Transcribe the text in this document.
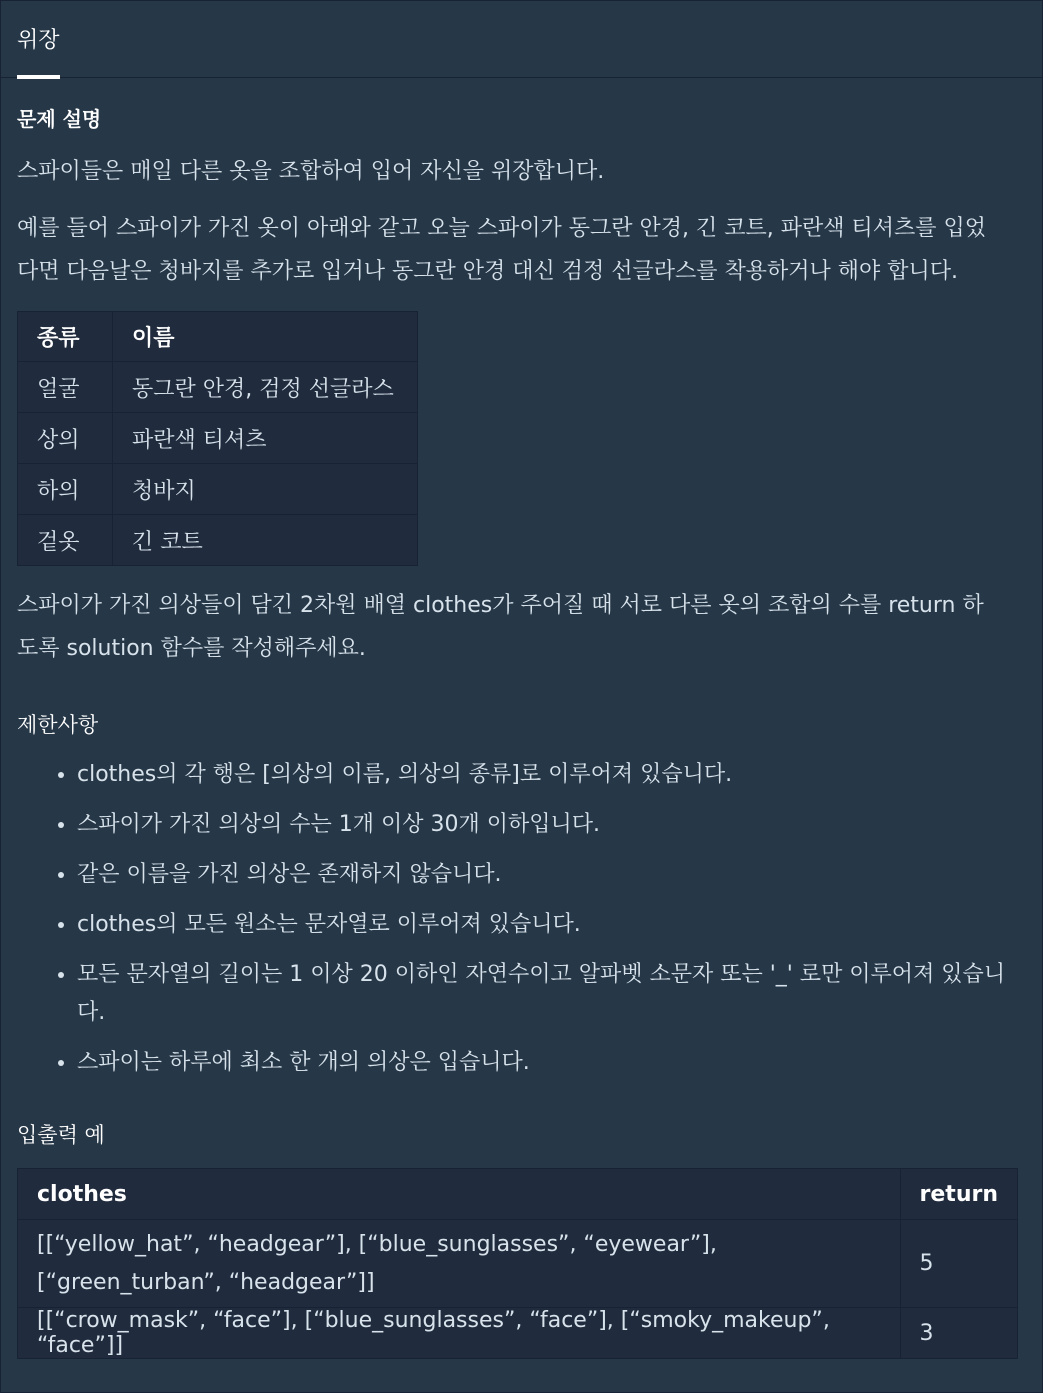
위장
문제 설명

스파이들은 매일 다른 옷을 조합하여 입어 자신을 위장합니다.

예를 들어 스파이가 가진 옷이 아래와 같고 오늘 스파이가 동그란 안경, 긴 코트, 파란색 티셔츠를 입었
다면 다음날은 청바지를 추가로 입거나 동그란 안경 대신 검정 선글라스를 착용하거나 해야 합니다.

종류	이름
얼굴	동그란 안경, 검정 선글라스
상의	파란색 티셔츠
하의	청바지
겉옷	긴 코트

스파이가 가진 의상들이 담긴 2차원 배열 clothes가 주어질 때 서로 다른 옷의 조합의 수를 return 하
도록 solution 함수를 작성해주세요.

제한사항
• clothes의 각 행은 [의상의 이름, 의상의 종류]로 이루어져 있습니다.
• 스파이가 가진 의상의 수는 1개 이상 30개 이하입니다.
• 같은 이름을 가진 의상은 존재하지 않습니다.
• clothes의 모든 원소는 문자열로 이루어져 있습니다.
• 모든 문자열의 길이는 1 이상 20 이하인 자연수이고 알파벳 소문자 또는 '_' 로만 이루어져 있습니다.
• 스파이는 하루에 최소 한 개의 의상은 입습니다.
입출력 예
clothes	return
[[“yellow_hat”, “headgear”], [“blue_sunglasses”, “eyewear”], [“green_turban”, “headgear”]]	5
[[“crow_mask”, “face”], [“blue_sunglasses”, “face”], [“smoky_makeup”, “face”]]	3
